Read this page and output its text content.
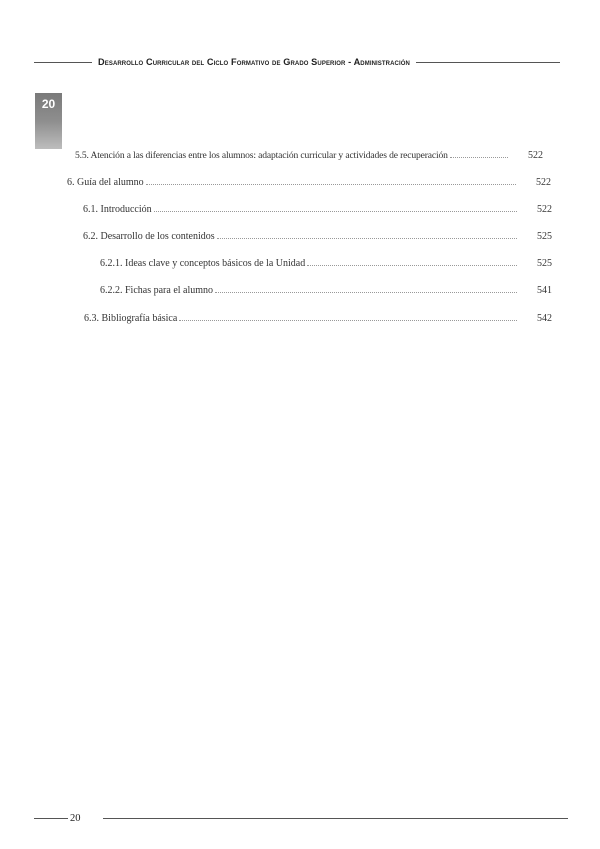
Desarrollo Curricular del Ciclo Formativo de Grado Superior - Administración
20
5.5. Atención a las diferencias entre los alumnos: adaptación curricular y actividades de recuperación	522
6. Guía del alumno	522
6.1. Introducción	522
6.2. Desarrollo de los contenidos	525
6.2.1. Ideas clave y conceptos básicos de la Unidad	525
6.2.2. Fichas para el alumno	541
6.3. Bibliografía básica	542
20
